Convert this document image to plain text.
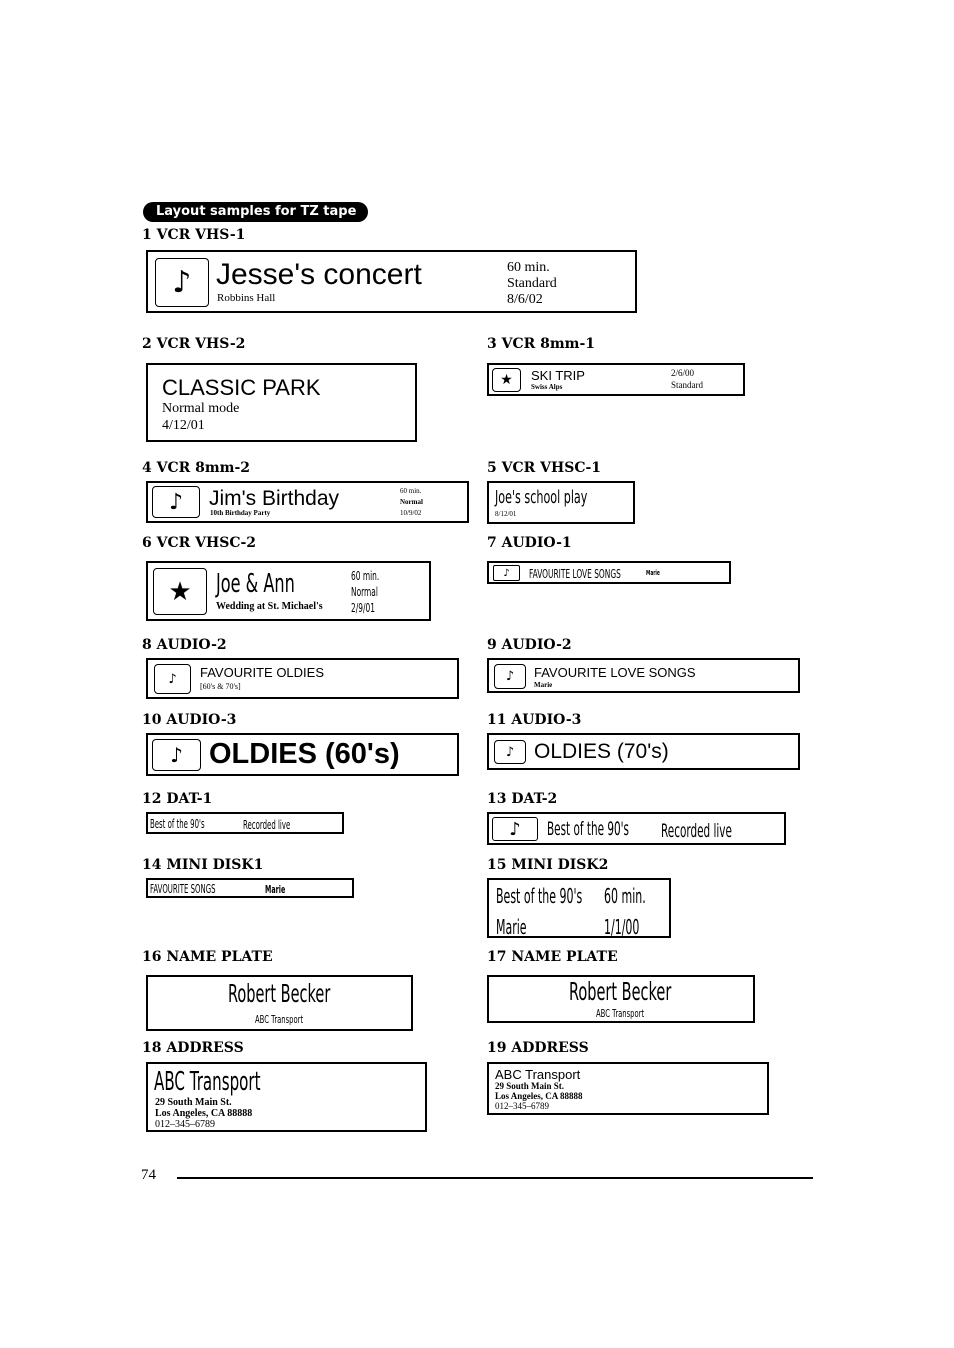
Layout samples for TZ tape
1 VCR VHS-1
♪ Jesse's concert
Robbins Hall
60 min.
Standard
8/6/02
2 VCR VHS-2
CLASSIC PARK
Normal mode
4/12/01
3 VCR 8mm-1
★	SKI TRIP
Swiss Alps
2/6/00
Standard
4 VCR 8mm-2
♪	Jim's Birthday
10th Birthday Party
60 min.
Normal
10/9/02
5 VCR VHSC-1
Joe's school play
8/12/01
6 VCR VHSC-2
★ Joe & Ann
Wedding at St. Michael's
60 min.
Normal
2/9/01
7 AUDIO-1
♪	FAVOURITE LOVE SONGS	Marie
8 AUDIO-2
♪	FAVOURITE OLDIES
[60's & 70's]
9 AUDIO-2
♪	FAVOURITE LOVE SONGS
Marie
10 AUDIO-3
♪ OLDIES (60's)
11 AUDIO-3
♪ OLDIES (70's)
12 DAT-1
Best of the 90's	Recorded live
13 DAT-2
♪	Best of the 90's Recorded live
14 MINI DISK1
FAVOURITE SONGS	Marie
15 MINI DISK2
Best of the 90's 60 min.
Marie	1/1/00
16 NAME PLATE
Robert Becker
ABC Transport
17 NAME PLATE
Robert Becker
ABC Transport
18 ADDRESS
ABC Transport
29 South Main St.
Los Angeles, CA 88888
012–345–6789
19 ADDRESS
ABC Transport
29 South Main St.
Los Angeles, CA 88888
012–345–6789
74
